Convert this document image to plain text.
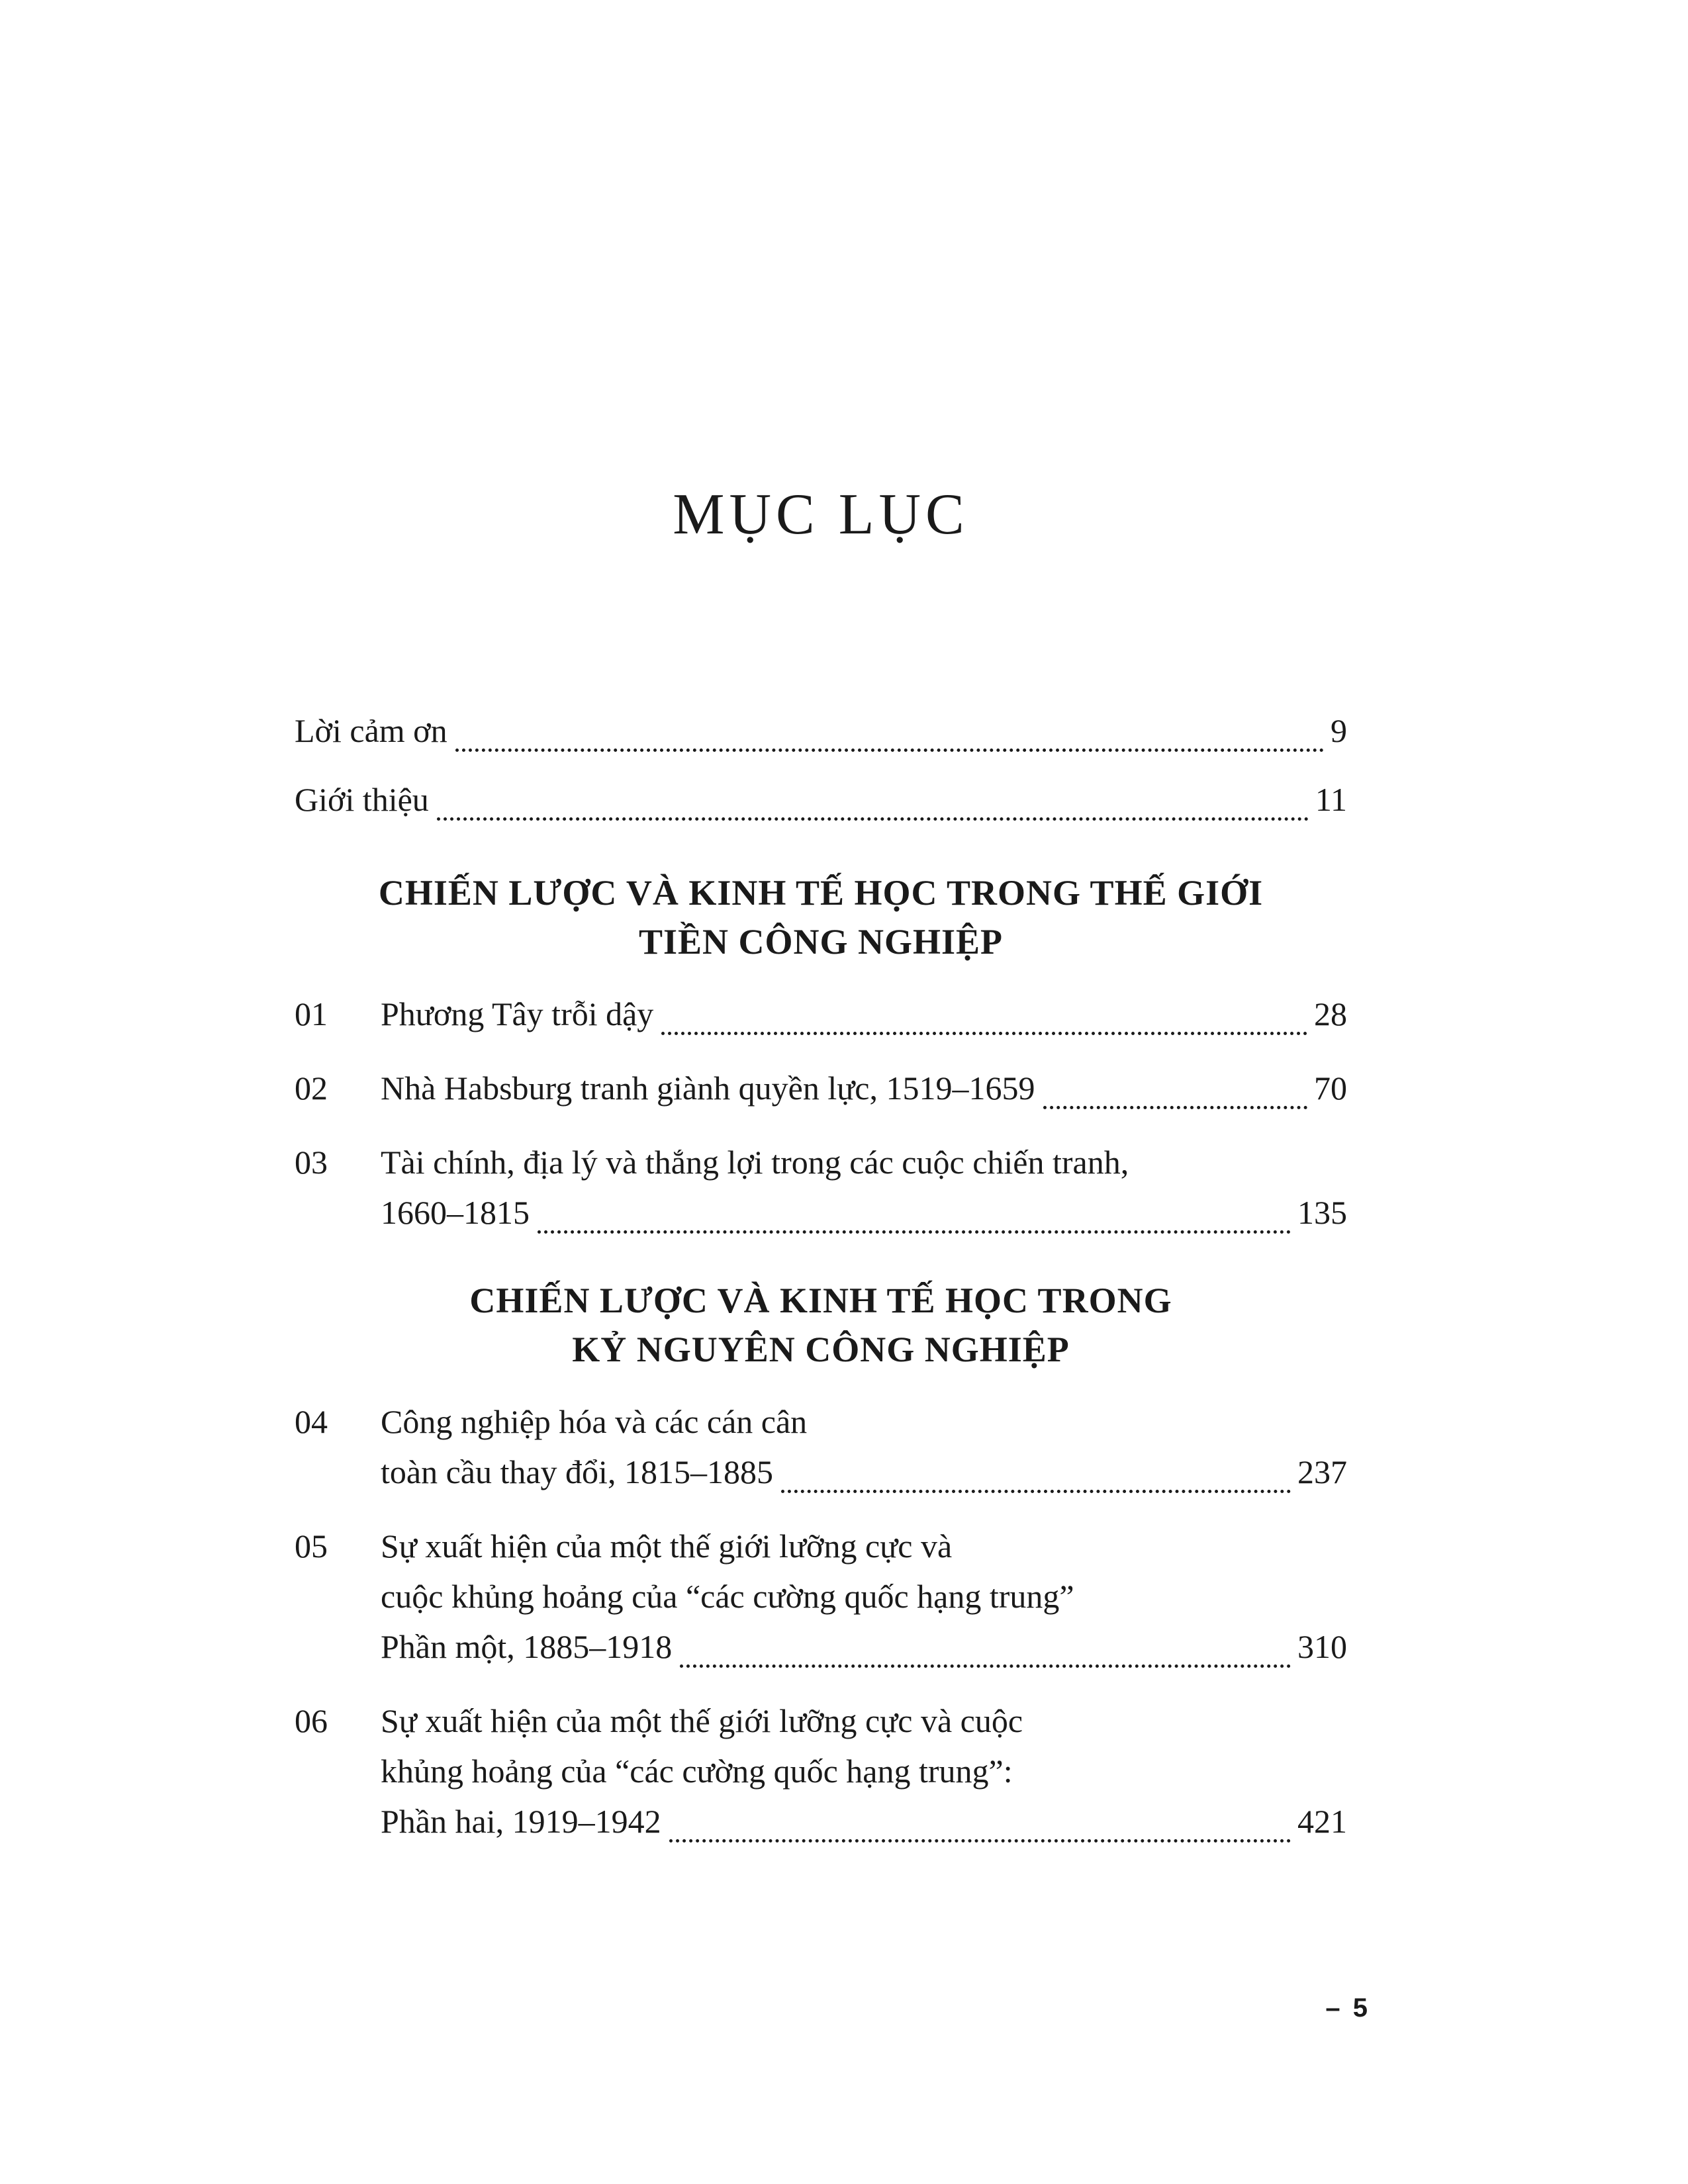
MỤC LỤC
Lời cảm ơn	9
Giới thiệu	11
CHIẾN LƯỢC VÀ KINH TẾ HỌC TRONG THẾ GIỚI
TIỀN CÔNG NGHIỆP
01	Phương Tây trỗi dậy	28
02	Nhà Habsburg tranh giành quyền lực, 1519–1659	70
03	Tài chính, địa lý và thắng lợi trong các cuộc chiến tranh,
1660–1815	135
CHIẾN LƯỢC VÀ KINH TẾ HỌC TRONG
KỶ NGUYÊN CÔNG NGHIỆP
04	Công nghiệp hóa và các cán cân
toàn cầu thay đổi, 1815–1885	237
05	Sự xuất hiện của một thế giới lưỡng cực và
cuộc khủng hoảng của “các cường quốc hạng trung”
Phần một, 1885–1918	310
06	Sự xuất hiện của một thế giới lưỡng cực và cuộc
khủng hoảng của “các cường quốc hạng trung”:
Phần hai, 1919–1942	421
– 5
